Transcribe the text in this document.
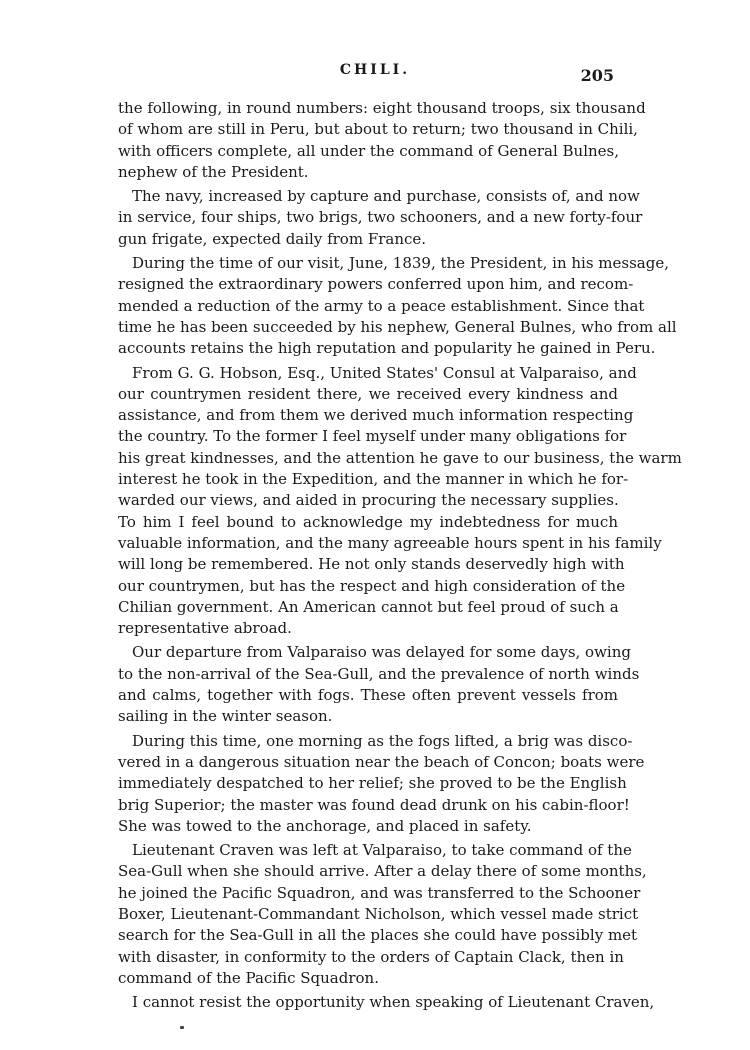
CHILI.	205
the following, in round numbers: eight thousand troops, six thousand
of whom are still in Peru, but about to return; two thousand in Chili,
with officers complete, all under the command of General Bulnes,
nephew of the President.
The navy, increased by capture and purchase, consists of, and now
in service, four ships, two brigs, two schooners, and a new forty-four
gun frigate, expected daily from France.
During the time of our visit, June, 1839, the President, in his message,
resigned the extraordinary powers conferred upon him, and recom-
mended a reduction of the army to a peace establishment. Since that
time he has been succeeded by his nephew, General Bulnes, who from all
accounts retains the high reputation and popularity he gained in Peru.
From G. G. Hobson, Esq., United States' Consul at Valparaiso, and
our countrymen resident there, we received every kindness and
assistance, and from them we derived much information respecting
the country. To the former I feel myself under many obligations for
his great kindnesses, and the attention he gave to our business, the warm
interest he took in the Expedition, and the manner in which he for-
warded our views, and aided in procuring the necessary supplies.
To him I feel bound to acknowledge my indebtedness for much
valuable information, and the many agreeable hours spent in his family
will long be remembered. He not only stands deservedly high with
our countrymen, but has the respect and high consideration of the
Chilian government. An American cannot but feel proud of such a
representative abroad.
Our departure from Valparaiso was delayed for some days, owing
to the non-arrival of the Sea-Gull, and the prevalence of north winds
and calms, together with fogs. These often prevent vessels from
sailing in the winter season.
During this time, one morning as the fogs lifted, a brig was disco-
vered in a dangerous situation near the beach of Concon; boats were
immediately despatched to her relief; she proved to be the English
brig Superior; the master was found dead drunk on his cabin-floor!
She was towed to the anchorage, and placed in safety.
Lieutenant Craven was left at Valparaiso, to take command of the
Sea-Gull when she should arrive. After a delay there of some months,
he joined the Pacific Squadron, and was transferred to the Schooner
Boxer, Lieutenant-Commandant Nicholson, which vessel made strict
search for the Sea-Gull in all the places she could have possibly met
with disaster, in conformity to the orders of Captain Clack, then in
command of the Pacific Squadron.
I cannot resist the opportunity when speaking of Lieutenant Craven,
